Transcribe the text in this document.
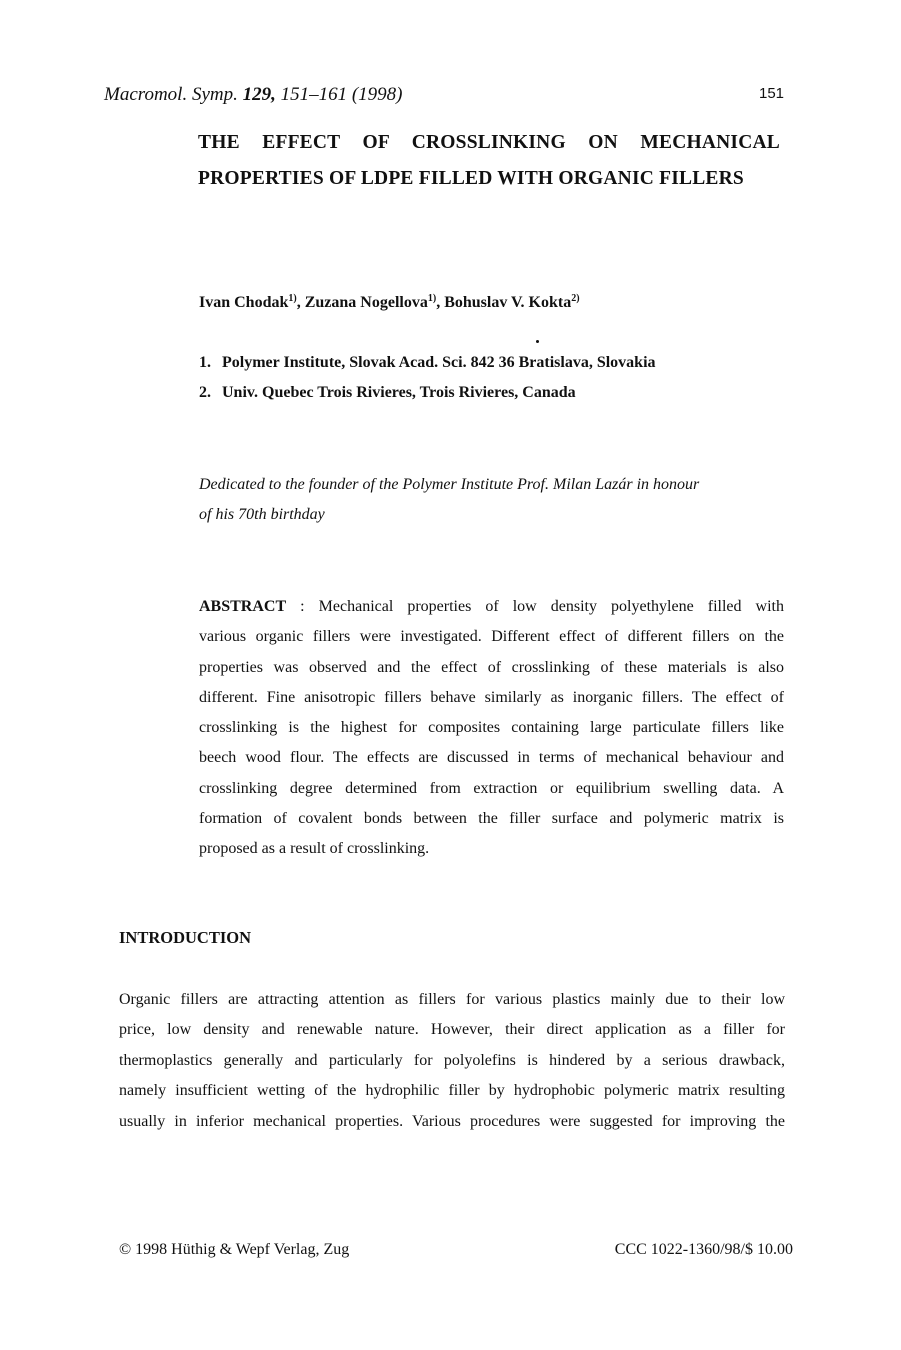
Macromol. Symp. 129, 151–161 (1998)	151
THE EFFECT OF CROSSLINKING ON MECHANICAL
PROPERTIES OF LDPE FILLED WITH ORGANIC FILLERS
Ivan Chodak$^{1)}$, Zuzana Nogellova$^{1)}$, Bohuslav V. Kokta$^{2)}$
1. Polymer Institute, Slovak Acad. Sci. 842 36 Bratislava, Slovakia
2. Univ. Quebec Trois Rivieres, Trois Rivieres, Canada
Dedicated to the founder of the Polymer Institute Prof. Milan Lazár in honour
of his 70th birthday
ABSTRACT : Mechanical properties of low density polyethylene filled with
various organic fillers were investigated. Different effect of different fillers on the
properties was observed and the effect of crosslinking of these materials is also
different. Fine anisotropic fillers behave similarly as inorganic fillers. The effect of
crosslinking is the highest for composites containing large particulate fillers like
beech wood flour. The effects are discussed in terms of mechanical behaviour and
crosslinking degree determined from extraction or equilibrium swelling data. A
formation of covalent bonds between the filler surface and polymeric matrix is
proposed as a result of crosslinking.
INTRODUCTION
Organic fillers are attracting attention as fillers for various plastics mainly due to their low
price, low density and renewable nature. However, their direct application as a filler for
thermoplastics generally and particularly for polyolefins is hindered by a serious drawback,
namely insufficient wetting of the hydrophilic filler by hydrophobic polymeric matrix resulting
usually in inferior mechanical properties. Various procedures were suggested for improving the
© 1998 Hüthig & Wepf Verlag, Zug	CCC 1022-1360/98/$ 10.00
